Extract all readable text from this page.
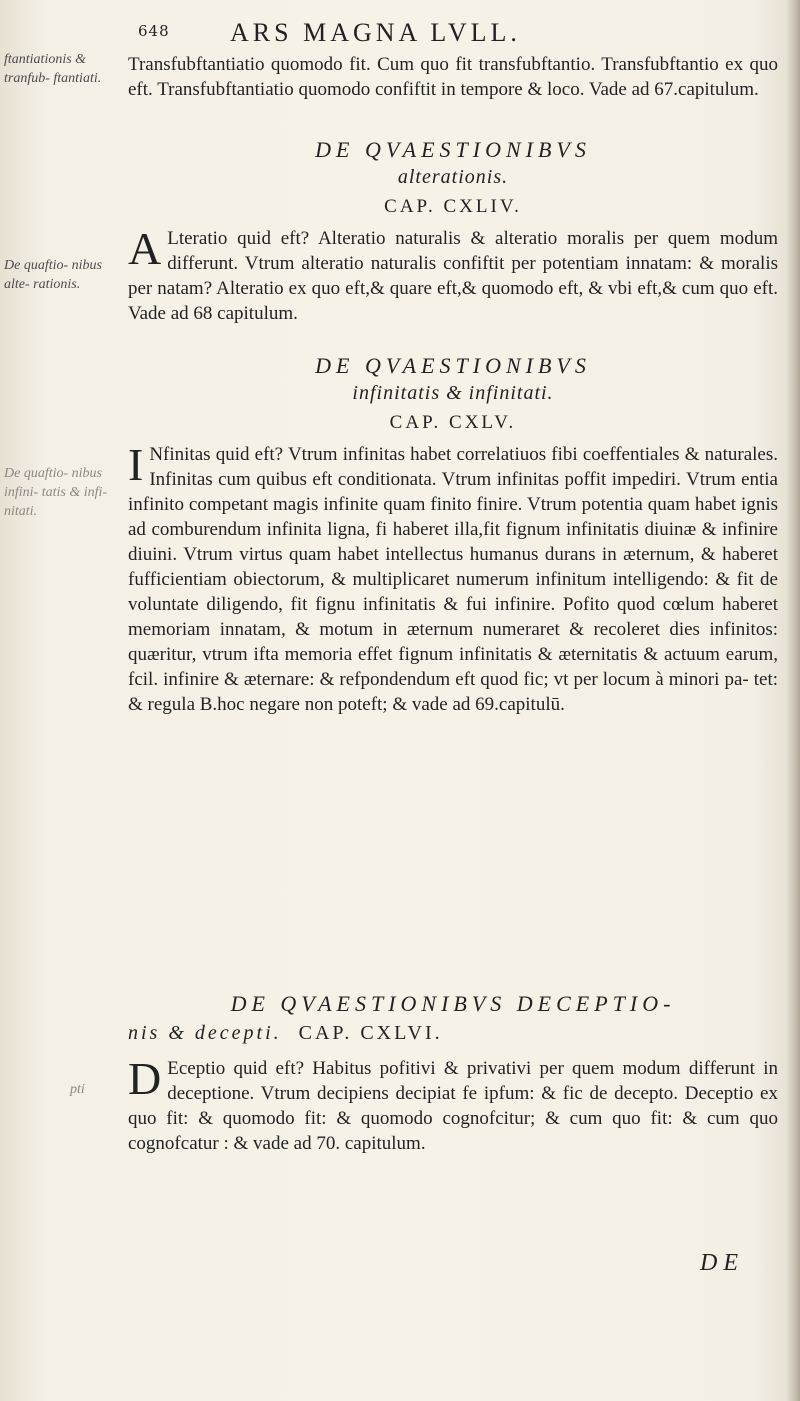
648 ARS MAGNA LVLL.
ftantiationis & tranfub- ftantiati.
De quaftio- nibus alte- rationis.
De quaftio- nibus infini- tatis & infi- nitati.
pti
Transfubftantiatio quomodo fit. Cum quo fit transfubftantio. Transfubftantio ex quo eft. Transfubftantiatio quomodo confiftit in tempore & loco. Vade ad 67.capitulum.
DE QVAESTIONIBVS
alterationis.
CAP. CXLIV.
A Lteratio quid eft? Alteratio naturalis & alteratio moralis per quem modum differunt. Vtrum alteratio naturalis confiftit per potentiam innatam: & moralis per natam? Alteratio ex quo eft,& quare eft,& quomodo eft, & vbi eft,& cum quo eft. Vade ad 68 capitulum.
DE QVAESTIONIBVS
infinitatis & infinitati.
CAP. CXLV.
I Nfinitas quid eft? Vtrum infinitas habet correlatiuos fibi coeffentiales & naturales. Infinitas cum quibus eft conditionata. Vtrum infinitas poffit impediri. Vtrum entia infinito competant magis infinite quam finito finire. Vtrum potentia quam habet ignis ad comburendum infinita ligna, fi haberet illa,fit fignum infinitatis diuinæ & infinire diuini. Vtrum virtus quam habet intellectus humanus durans in æternum, & haberet fufficientiam obiectorum, & multiplicaret numerum infinitum intelligendo: & fit de voluntate diligendo, fit fignu infinitatis & fui infinire. Pofito quod cœlum haberet memoriam innatam, & motum in æternum numeraret & recoleret dies infinitos: quæritur, vtrum ifta memoria effet fignum infinitatis & æternitatis & actuum earum, fcil. infinire & æternare: & refpondendum eft quod fic; vt per locum à minori pa- tet: & regula B.hoc negare non poteft; & vade ad 69.capitulū.
DE QVAESTIONIBVS DECEPTIO-
nis & decepti. CAP. CXLVI.
D Eceptio quid eft? Habitus pofitivi & privativi per quem modum differunt in deceptione. Vtrum decipiens decipiat fe ipfum: & fic de decepto. Deceptio ex quo fit: & quomodo fit: & quomodo cognofcitur; & cum quo fit: & cum quo cognofcatur : & vade ad 70. capitulum.
DE
